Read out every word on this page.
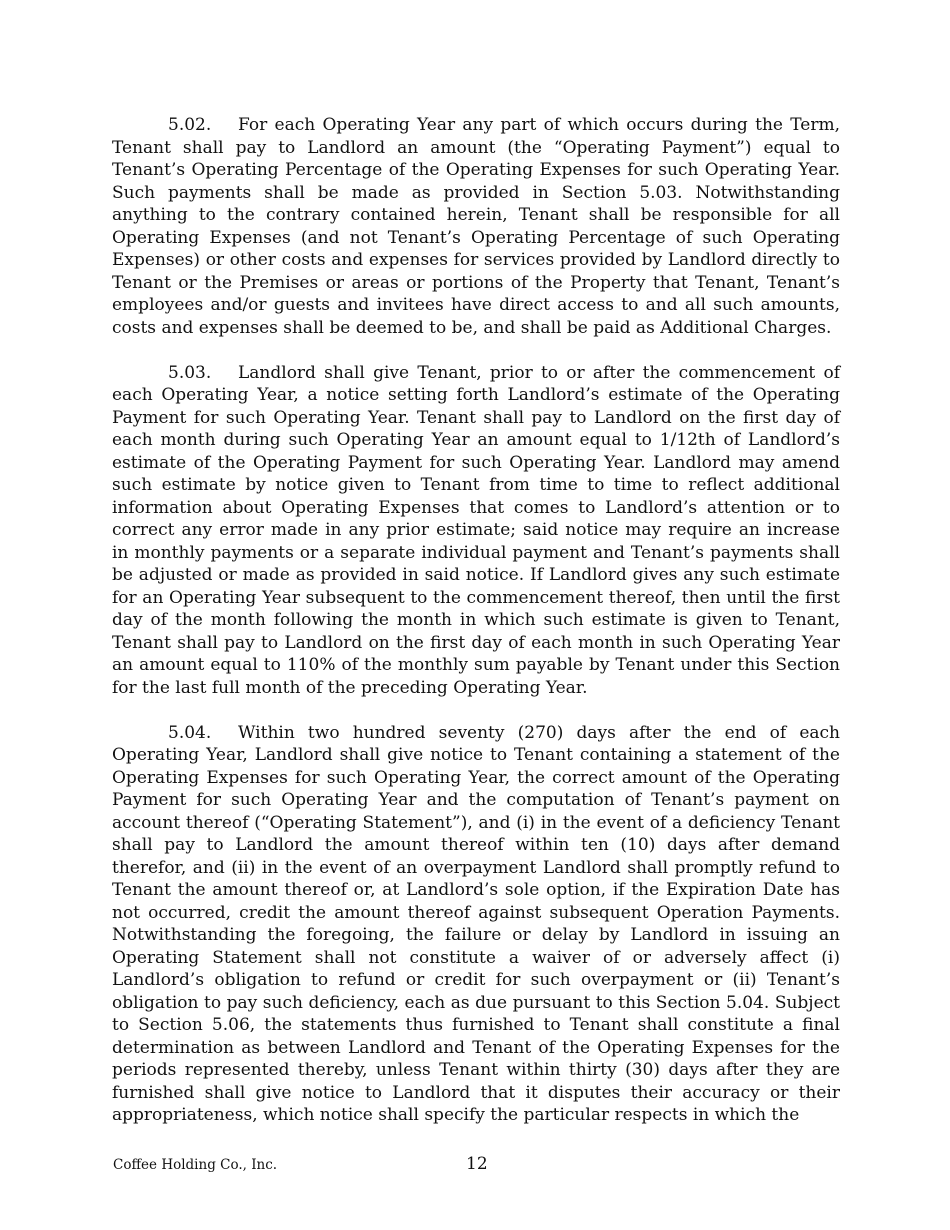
5.02. For each Operating Year any part of which occurs during the Term, Tenant shall pay to Landlord an amount (the “Operating Payment”) equal to Tenant’s Operating Percentage of the Operating Expenses for such Operating Year. Such payments shall be made as provided in Section 5.03. Notwithstanding anything to the contrary contained herein, Tenant shall be responsible for all Operating Expenses (and not Tenant’s Operating Percentage of such Operating Expenses) or other costs and expenses for services provided by Landlord directly to Tenant or the Premises or areas or portions of the Property that Tenant, Tenant’s employees and/or guests and invitees have direct access to and all such amounts, costs and expenses shall be deemed to be, and shall be paid as Additional Charges.

5.03. Landlord shall give Tenant, prior to or after the commencement of each Operating Year, a notice setting forth Landlord’s estimate of the Operating Payment for such Operating Year. Tenant shall pay to Landlord on the first day of each month during such Operating Year an amount equal to 1/12th of Landlord’s estimate of the Operating Payment for such Operating Year. Landlord may amend such estimate by notice given to Tenant from time to time to reflect additional information about Operating Expenses that comes to Landlord’s attention or to correct any error made in any prior estimate; said notice may require an increase in monthly payments or a separate individual payment and Tenant’s payments shall be adjusted or made as provided in said notice. If Landlord gives any such estimate for an Operating Year subsequent to the commencement thereof, then until the first day of the month following the month in which such estimate is given to Tenant, Tenant shall pay to Landlord on the first day of each month in such Operating Year an amount equal to 110% of the monthly sum payable by Tenant under this Section for the last full month of the preceding Operating Year.

5.04. Within two hundred seventy (270) days after the end of each Operating Year, Landlord shall give notice to Tenant containing a statement of the Operating Expenses for such Operating Year, the correct amount of the Operating Payment for such Operating Year and the computation of Tenant’s payment on account thereof (“Operating Statement”), and (i) in the event of a deficiency Tenant shall pay to Landlord the amount thereof within ten (10) days after demand therefor, and (ii) in the event of an overpayment Landlord shall promptly refund to Tenant the amount thereof or, at Landlord’s sole option, if the Expiration Date has not occurred, credit the amount thereof against subsequent Operation Payments. Notwithstanding the foregoing, the failure or delay by Landlord in issuing an Operating Statement shall not constitute a waiver of or adversely affect (i) Landlord’s obligation to refund or credit for such overpayment or (ii) Tenant’s obligation to pay such deficiency, each as due pursuant to this Section 5.04. Subject to Section 5.06, the statements thus furnished to Tenant shall constitute a final determination as between Landlord and Tenant of the Operating Expenses for the periods represented thereby, unless Tenant within thirty (30) days after they are furnished shall give notice to Landlord that it disputes their accuracy or their appropriateness, which notice shall specify the particular respects in which the

Coffee Holding Co., Inc.	12
